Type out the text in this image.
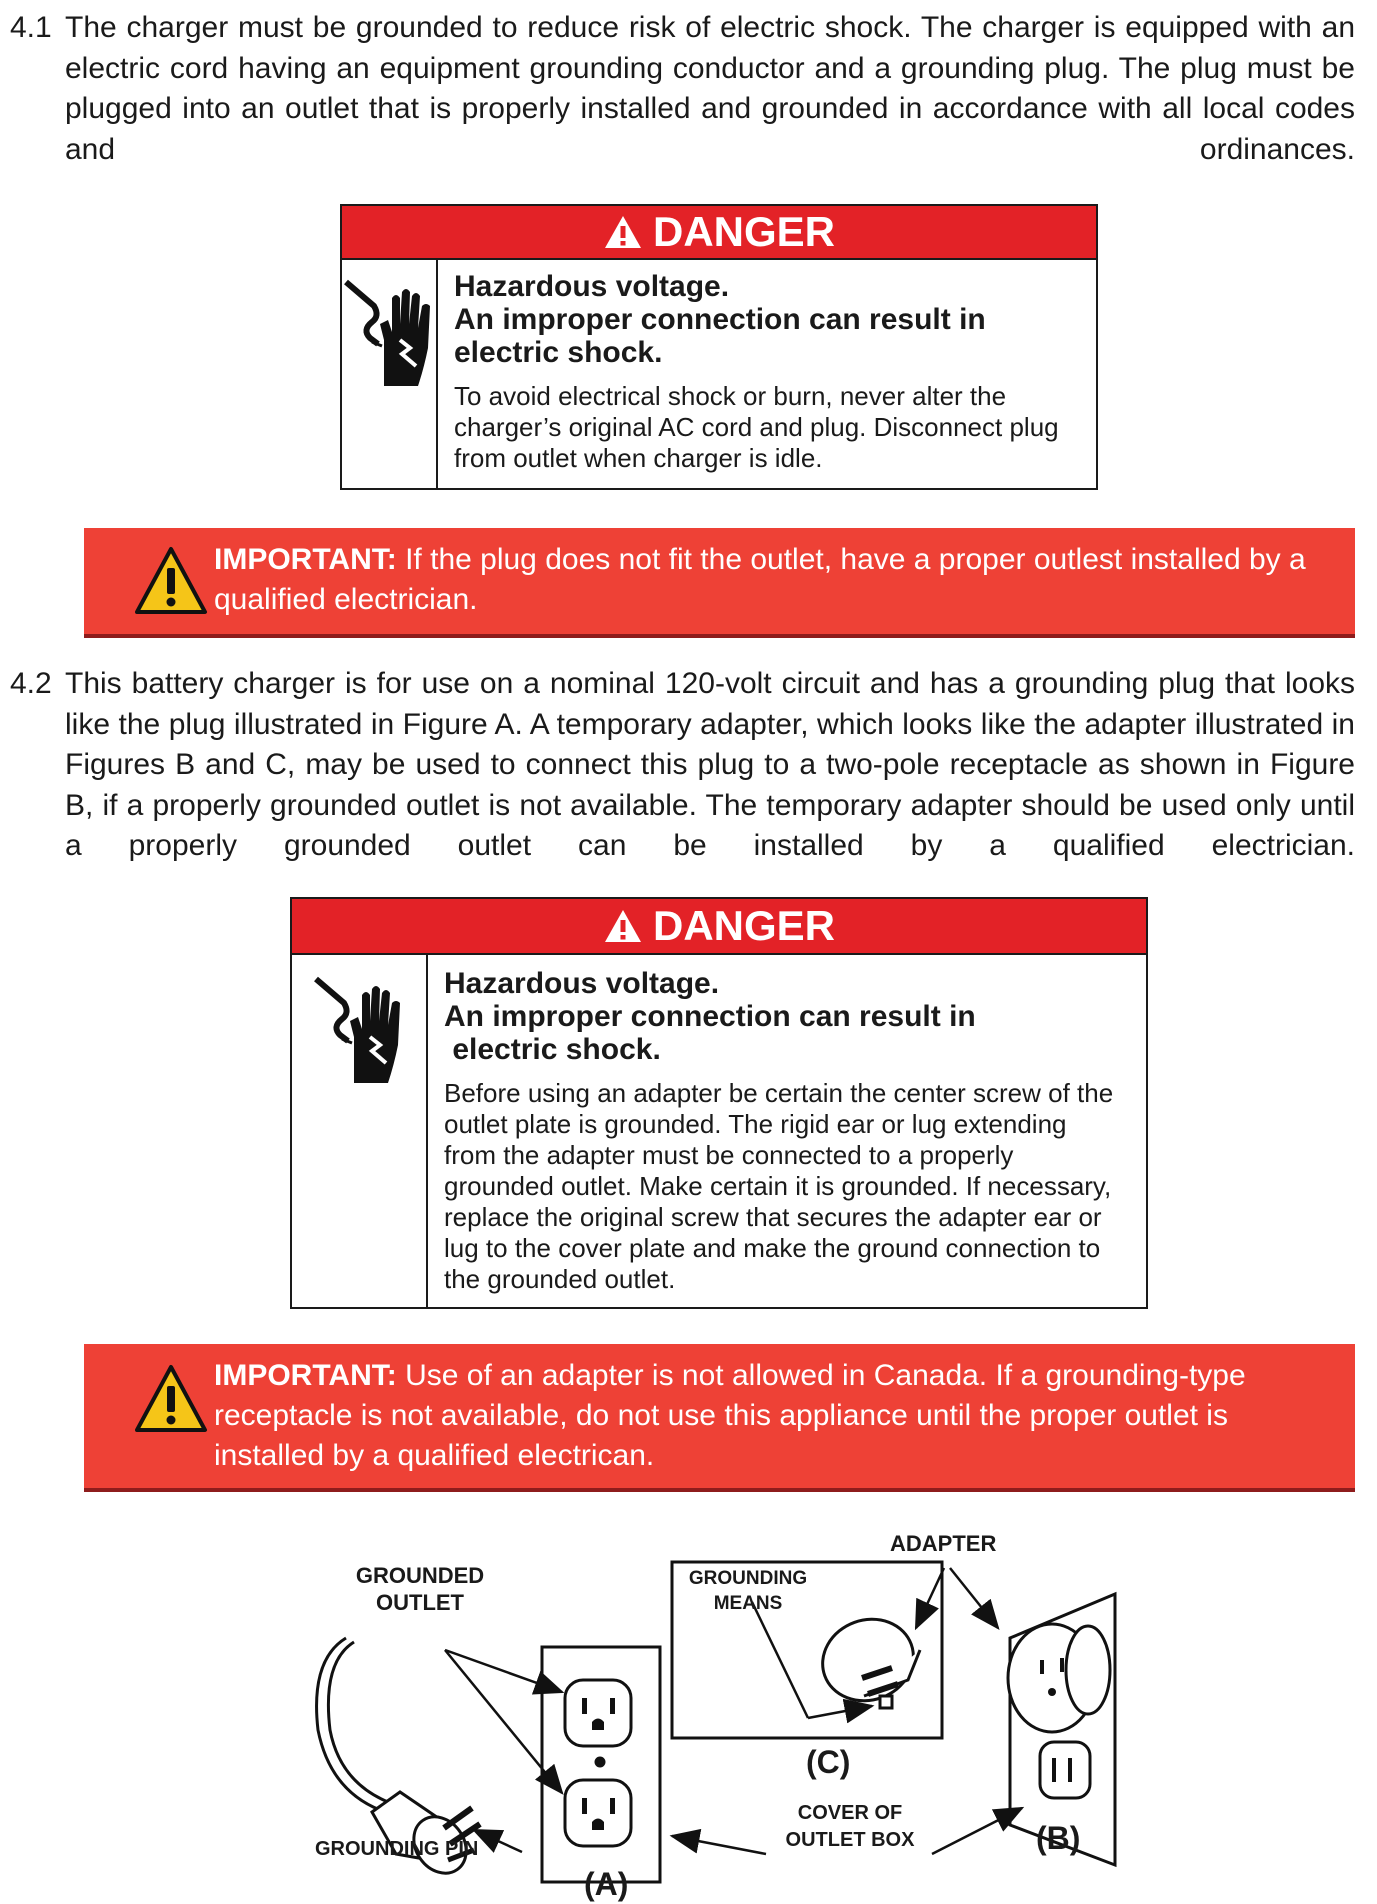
4.1 The charger must be grounded to reduce risk of electric shock. The charger is equipped with an electric cord having an equipment grounding conductor and a grounding plug. The plug must be plugged into an outlet that is properly installed and grounded in accordance with all local codes and ordinances.
DANGER
Hazardous voltage.
An improper connection can result in
electric shock.
To avoid electrical shock or burn, never alter the charger’s original AC cord and plug. Disconnect plug from outlet when charger is idle.
IMPORTANT: If the plug does not fit the outlet, have a proper outlest installed by a qualified electrician.
4.2 This battery charger is for use on a nominal 120-volt circuit and has a grounding plug that looks like the plug illustrated in Figure A. A temporary adapter, which looks like the adapter illustrated in Figures B and C, may be used to connect this plug to a two-pole receptacle as shown in Figure B, if a properly grounded outlet is not available. The temporary adapter should be used only until a properly grounded outlet can be installed by a qualified electrician.
DANGER
Hazardous voltage.
An improper connection can result in
electric shock.
Before using an adapter be certain the center screw of the outlet plate is grounded. The rigid ear or lug extending from the adapter must be connected to a properly grounded outlet. Make certain it is grounded. If necessary, replace the original screw that secures the adapter ear or lug to the cover plate and make the ground connection to the grounded outlet.
IMPORTANT: Use of an adapter is not allowed in Canada. If a grounding-type receptacle is not available, do not use this appliance until the proper outlet is installed by a qualified electrican.
GROUNDED
OUTLET
GROUNDING PIN
ADAPTER
GROUNDING
MEANS
COVER OF
OUTLET BOX
(A)
(B)
(C)
